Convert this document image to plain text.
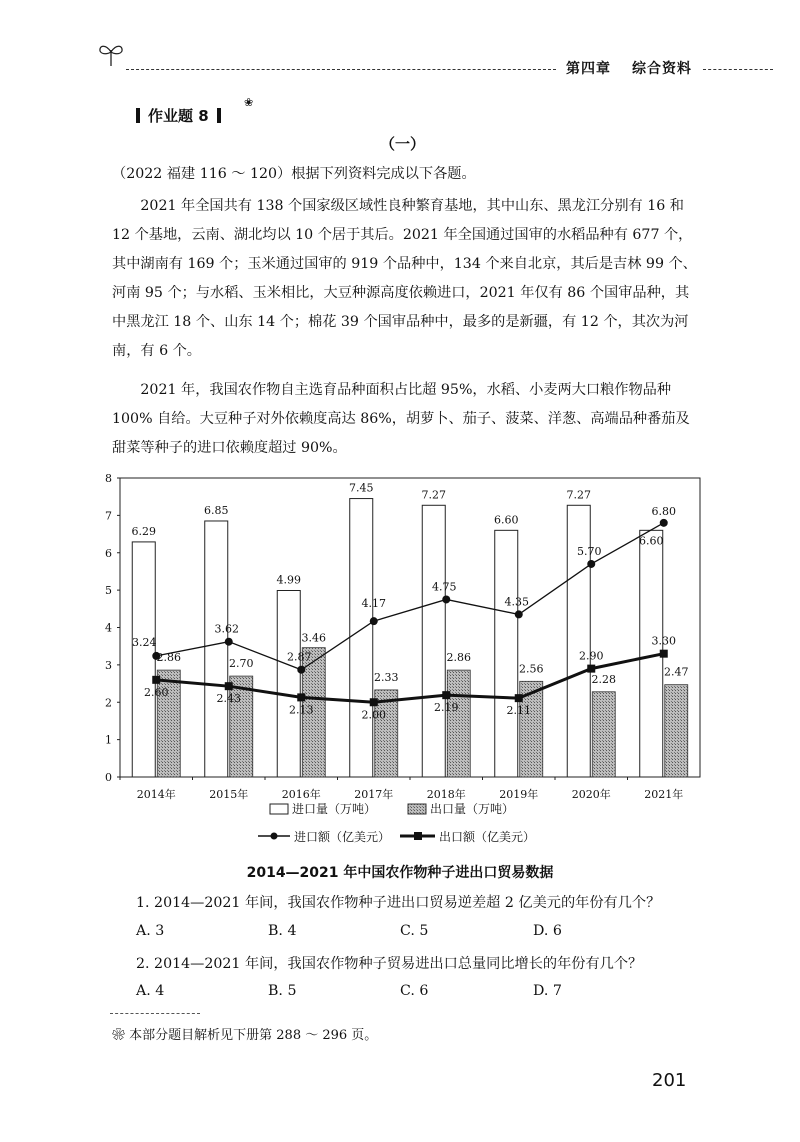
第四章 综合资料
作业题 8
❀
（一）
（2022 福建 116 ～ 120）根据下列资料完成以下各题。
2021 年全国共有 138 个国家级区域性良种繁育基地，其中山东、黑龙江分别有 16 和 12 个基地，云南、湖北均以 10 个居于其后。2021 年全国通过国审的水稻品种有 677 个，其中湖南有 169 个；玉米通过国审的 919 个品种中，134 个来自北京，其后是吉林 99 个、河南 95 个；与水稻、玉米相比，大豆种源高度依赖进口，2021 年仅有 86 个国审品种，其中黑龙江 18 个、山东 14 个；棉花 39 个国审品种中，最多的是新疆，有 12 个，其次为河南，有 6 个。
2021 年，我国农作物自主选育品种面积占比超 95%，水稻、小麦两大口粮作物品种 100% 自给。大豆种子对外依赖度高达 86%，胡萝卜、茄子、菠菜、洋葱、高端品种番茄及甜菜等种子的进口依赖度超过 90%。
0
1
2
3
4
5
6
7
8
2014年	2015年	2016年	2017年	2018年	2019年	2020年	2021年
6.29
6.85
4.99
7.45
7.27
6.60
7.27
6.60
2.86	2.70
3.46
2.33
2.86
2.56
2.28
2.47
3.24
3.62
2.87
4.17
4.75
4.35
5.70
6.80
2.60	2.43
2.13	2.00
2.19	2.11
2.90
3.30
进口量（万吨）	出口量（万吨）
进口额（亿美元）	出口额（亿美元）
2014—2021 年中国农作物种子进出口贸易数据
1. 2014—2021 年间，我国农作物种子进出口贸易逆差超 2 亿美元的年份有几个？
A. 3	B. 4	C. 5	D. 6
2. 2014—2021 年间，我国农作物种子贸易进出口总量同比增长的年份有几个？
A. 4	B. 5	C. 6	D. 7
❀ 本部分题目解析见下册第 288 ～ 296 页。
201
